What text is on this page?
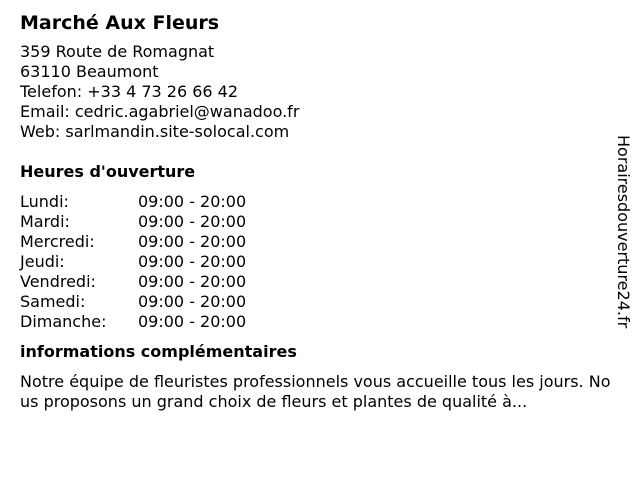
Marché Aux Fleurs
359 Route de Romagnat
63110 Beaumont
Telefon: +33 4 73 26 66 42
Email: cedric.agabriel@wanadoo.fr
Web: sarlmandin.site-solocal.com
Heures d'ouverture
Lundi:	09:00 - 20:00
Mardi:	09:00 - 20:00
Mercredi:	09:00 - 20:00
Jeudi:	09:00 - 20:00
Vendredi:	09:00 - 20:00
Samedi:	09:00 - 20:00
Dimanche:	09:00 - 20:00
informations complémentaires
Notre équipe de fleuristes professionnels vous accueille tous les jours. Nous proposons un grand choix de fleurs et plantes de qualité à...
Horairesdouverture24.fr
